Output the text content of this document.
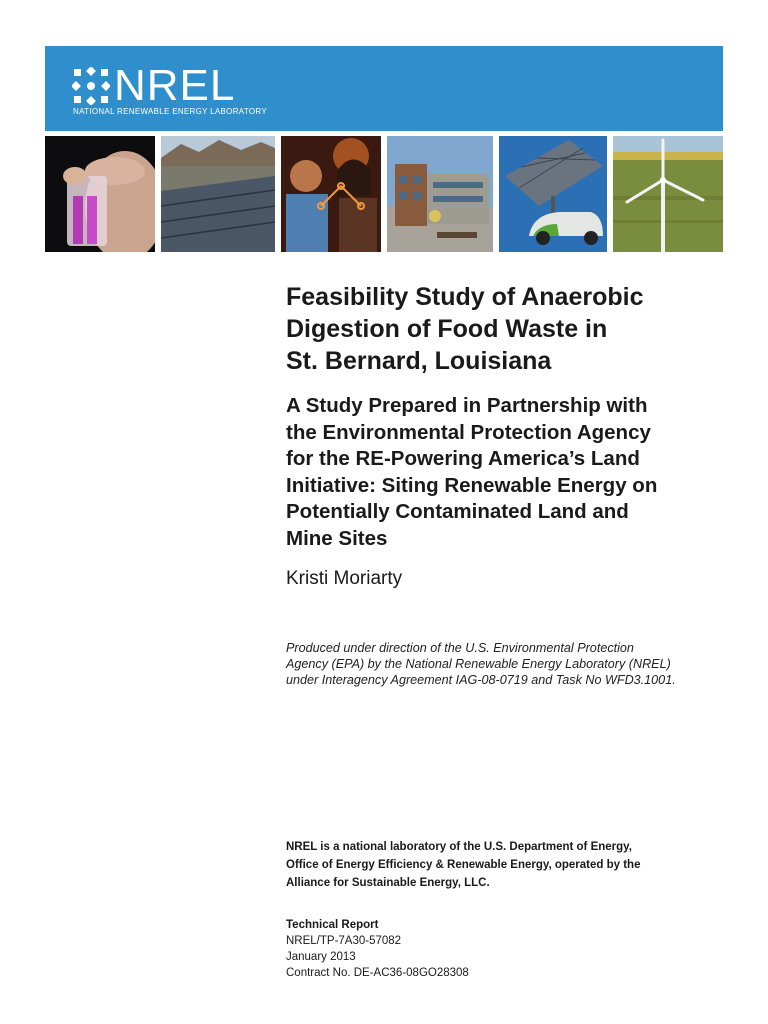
NREL
NATIONAL RENEWABLE ENERGY LABORATORY
Feasibility Study of Anaerobic
Digestion of Food Waste in
St. Bernard, Louisiana
A Study Prepared in Partnership with
the Environmental Protection Agency
for the RE-Powering America’s Land
Initiative: Siting Renewable Energy on
Potentially Contaminated Land and
Mine Sites

Kristi Moriarty

Produced under direction of the U.S. Environmental Protection
Agency (EPA) by the National Renewable Energy Laboratory (NREL)
under Interagency Agreement IAG-08-0719 and Task No WFD3.1001.

NREL is a national laboratory of the U.S. Department of Energy,
Office of Energy Efficiency & Renewable Energy, operated by the
Alliance for Sustainable Energy, LLC.

Technical Report
NREL/TP-7A30-57082
January 2013
Contract No. DE-AC36-08GO28308
